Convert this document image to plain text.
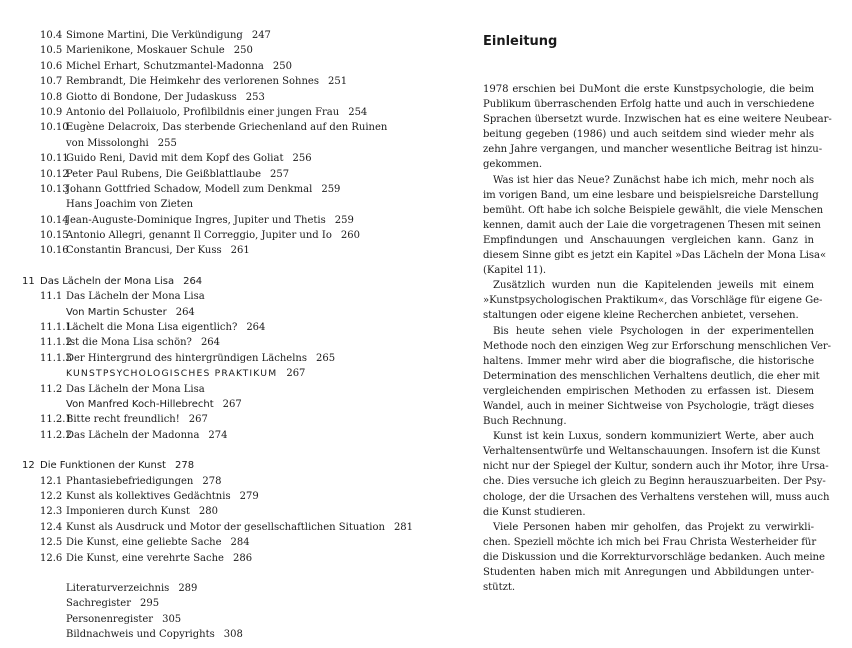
10.4 Simone Martini, Die Verkündigung 247
10.5 Marienikone, Moskauer Schule 250
10.6 Michel Erhart, Schutzmantel-Madonna 250
10.7 Rembrandt, Die Heimkehr des verlorenen Sohnes 251
10.8 Giotto di Bondone, Der Judaskuss 253
10.9 Antonio del Pollaiuolo, Profilbildnis einer jungen Frau 254
10.10
Eugène Delacroix, Das sterbende Griechenland auf den Ruinen
von Missolonghi 255
10.11
Guido Reni, David mit dem Kopf des Goliat 256
10.12
Peter Paul Rubens, Die Geißblattlaube 257
10.13
Johann Gottfried Schadow, Modell zum Denkmal 259
Hans Joachim von Zieten
10.14
Jean-Auguste-Dominique Ingres, Jupiter und Thetis 259
10.15
Antonio Allegri, genannt Il Correggio, Jupiter und Io 260
10.16
Constantin Brancusi, Der Kuss 261
11 Das Lächeln der Mona Lisa 264
11.1 Das Lächeln der Mona Lisa
Von Martin Schuster 264
11.1.1
Lächelt die Mona Lisa eigentlich? 264
11.1.2
Ist die Mona Lisa schön? 264
11.1.3
Der Hintergrund des hintergründigen Lächelns 265
KUNSTPSYCHOLOGISCHES PRAKTIKUM 267
11.2 Das Lächeln der Mona Lisa
Von Manfred Koch-Hillebrecht 267
11.2.1
Bitte recht freundlich! 267
11.2.2
Das Lächeln der Madonna 274
12 Die Funktionen der Kunst 278
12.1 Phantasiebefriedigungen 278
12.2 Kunst als kollektives Gedächtnis 279
12.3 Imponieren durch Kunst 280
12.4 Kunst als Ausdruck und Motor der gesellschaftlichen Situation 281
12.5 Die Kunst, eine geliebte Sache 284
12.6 Die Kunst, eine verehrte Sache 286
Literaturverzeichnis 289
Sachregister 295
Personenregister 305
Bildnachweis und Copyrights 308
Einleitung
1978 erschien bei DuMont die erste Kunstpsychologie, die beim
Publikum überraschenden Erfolg hatte und auch in verschiedene
Sprachen übersetzt wurde. Inzwischen hat es eine weitere Neubear-
beitung gegeben (1986) und auch seitdem sind wieder mehr als
zehn Jahre vergangen, und mancher wesentliche Beitrag ist hinzu-
gekommen.
Was ist hier das Neue? Zunächst habe ich mich, mehr noch als
im vorigen Band, um eine lesbare und beispielsreiche Darstellung
bemüht. Oft habe ich solche Beispiele gewählt, die viele Menschen
kennen, damit auch der Laie die vorgetragenen Thesen mit seinen
Empfindungen und Anschauungen vergleichen kann. Ganz in
diesem Sinne gibt es jetzt ein Kapitel »Das Lächeln der Mona Lisa«
(Kapitel 11).
Zusätzlich wurden nun die Kapitelenden jeweils mit einem
»Kunstpsychologischen Praktikum«, das Vorschläge für eigene Ge-
staltungen oder eigene kleine Recherchen anbietet, versehen.
Bis heute sehen viele Psychologen in der experimentellen
Methode noch den einzigen Weg zur Erforschung menschlichen Ver-
haltens. Immer mehr wird aber die biografische, die historische
Determination des menschlichen Verhaltens deutlich, die eher mit
vergleichenden empirischen Methoden zu erfassen ist. Diesem
Wandel, auch in meiner Sichtweise von Psychologie, trägt dieses
Buch Rechnung.
Kunst ist kein Luxus, sondern kommuniziert Werte, aber auch
Verhaltensentwürfe und Weltanschauungen. Insofern ist die Kunst
nicht nur der Spiegel der Kultur, sondern auch ihr Motor, ihre Ursa-
che. Dies versuche ich gleich zu Beginn herauszuarbeiten. Der Psy-
chologe, der die Ursachen des Verhaltens verstehen will, muss auch
die Kunst studieren.
Viele Personen haben mir geholfen, das Projekt zu verwirkli-
chen. Speziell möchte ich mich bei Frau Christa Westerheider für
die Diskussion und die Korrekturvorschläge bedanken. Auch meine
Studenten haben mich mit Anregungen und Abbildungen unter-
stützt.
